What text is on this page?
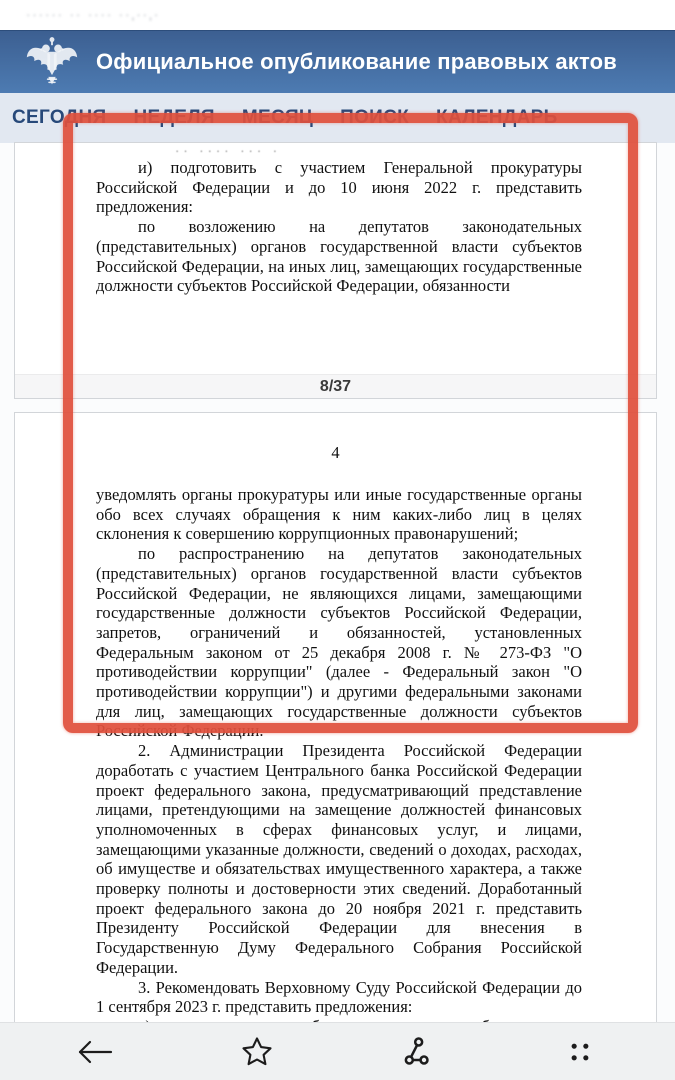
······ ·· ···· ··‚··‚·
Официальное опубликование правовых актов
СЕГОДНЯ НЕДЕЛЯ МЕСЯЦ ПОИСК КАЛЕНДАРЬ
·· ···· ··· ·

и) подготовить с участием Генеральной прокуратуры Российской Федерации и до 10 июня 2022 г. представить предложения:

по возложению на депутатов законодательных (представительных) органов государственной власти субъектов Российской Федерации, на иных лиц, замещающих государственные должности субъектов Российской Федерации, обязанности

8/37
4

уведомлять органы прокуратуры или иные государственные органы обо всех случаях обращения к ним каких-либо лиц в целях склонения к совершению коррупционных правонарушений;

по распространению на депутатов законодательных (представительных) органов государственной власти субъектов Российской Федерации, не являющихся лицами, замещающими государственные должности субъектов Российской Федерации, запретов, ограничений и обязанностей, установленных Федеральным законом от 25 декабря 2008 г. № 273-ФЗ "О противодействии коррупции" (далее - Федеральный закон "О противодействии коррупции") и другими федеральными законами для лиц, замещающих государственные должности субъектов Российской Федерации.

2. Администрации Президента Российской Федерации доработать с участием Центрального банка Российской Федерации проект федерального закона, предусматривающий представление лицами, претендующими на замещение должностей финансовых уполномоченных в сферах финансовых услуг, и лицами, замещающими указанные должности, сведений о доходах, расходах, об имуществе и обязательствах имущественного характера, а также проверку полноты и достоверности этих сведений. Доработанный проект федерального закона до 20 ноября 2021 г. представить Президенту Российской Федерации для внесения в Государственную Думу Федерального Собрания Российской Федерации.

3. Рекомендовать Верховному Суду Российской Федерации до 1 сентября 2023 г. представить предложения:
